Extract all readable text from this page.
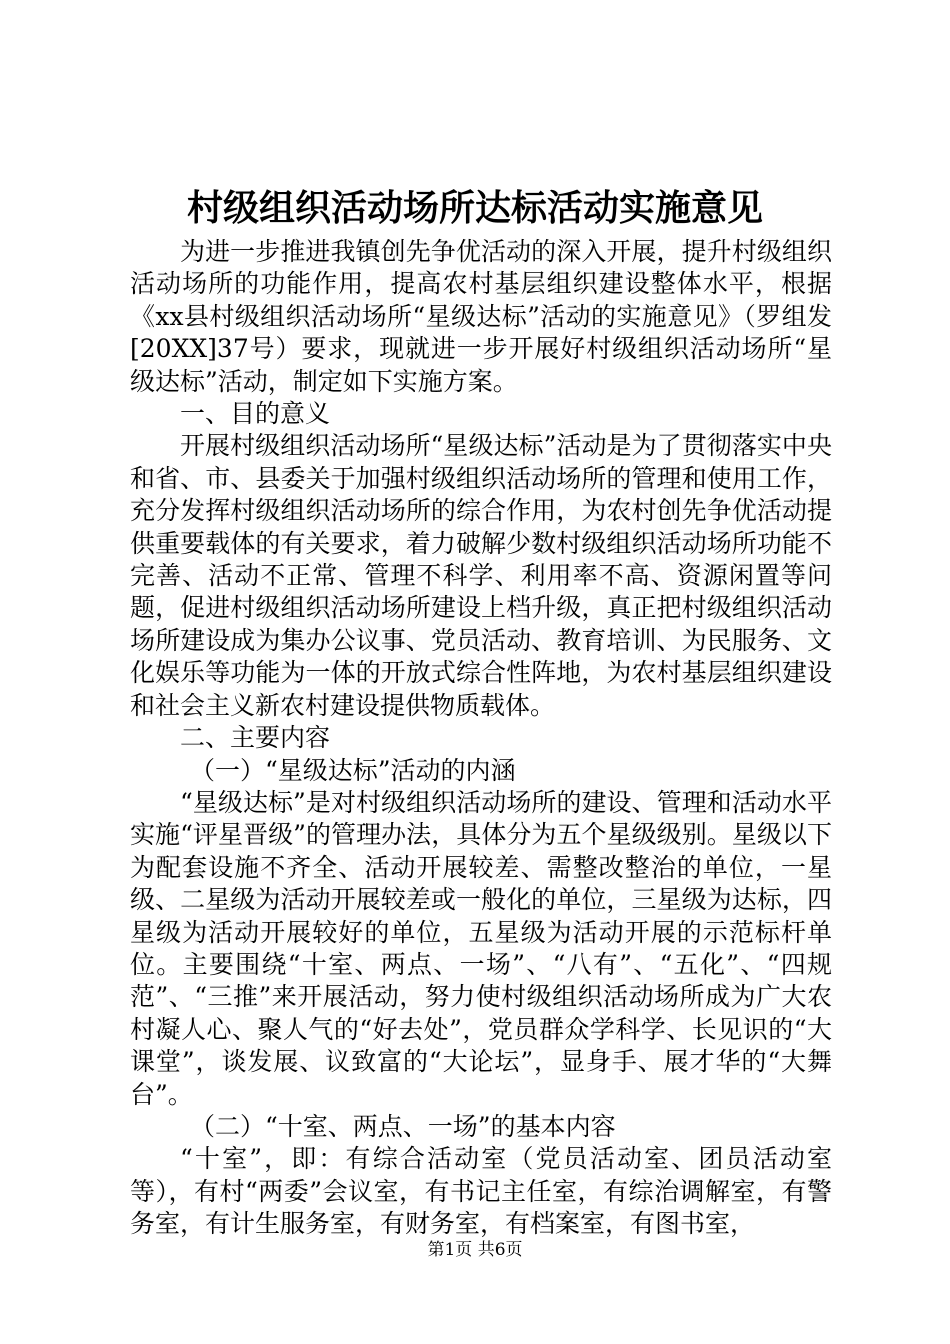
村级组织活动场所达标活动实施意见

为进一步推进我镇创先争优活动的深入开展，提升村级组织活动场所的功能作用，提高农村基层组织建设整体水平，根据《xx县村级组织活动场所“星级达标”活动的实施意见》（罗组发[20XX]37号）要求，现就进一步开展好村级组织活动场所“星级达标”活动，制定如下实施方案。

一、目的意义

开展村级组织活动场所“星级达标”活动是为了贯彻落实中央和省、市、县委关于加强村级组织活动场所的管理和使用工作，充分发挥村级组织活动场所的综合作用，为农村创先争优活动提供重要载体的有关要求，着力破解少数村级组织活动场所功能不完善、活动不正常、管理不科学、利用率不高、资源闲置等问题，促进村级组织活动场所建设上档升级，真正把村级组织活动场所建设成为集办公议事、党员活动、教育培训、为民服务、文化娱乐等功能为一体的开放式综合性阵地，为农村基层组织建设和社会主义新农村建设提供物质载体。

二、主要内容

（一）“星级达标”活动的内涵

“星级达标”是对村级组织活动场所的建设、管理和活动水平实施“评星晋级”的管理办法，具体分为五个星级级别。星级以下为配套设施不齐全、活动开展较差、需整改整治的单位，一星级、二星级为活动开展较差或一般化的单位，三星级为达标，四星级为活动开展较好的单位，五星级为活动开展的示范标杆单位。主要围绕“十室、两点、一场”、“八有”、“五化”、“四规范”、“三推”来开展活动，努力使村级组织活动场所成为广大农村凝人心、聚人气的“好去处”，党员群众学科学、长见识的“大课堂”，谈发展、议致富的“大论坛”，显身手、展才华的“大舞台”。

（二）“十室、两点、一场”的基本内容

“十室”，即：有综合活动室（党员活动室、团员活动室等），有村“两委”会议室，有书记主任室，有综治调解室，有警务室，有计生服务室，有财务室，有档案室，有图书室，

第1页 共6页
